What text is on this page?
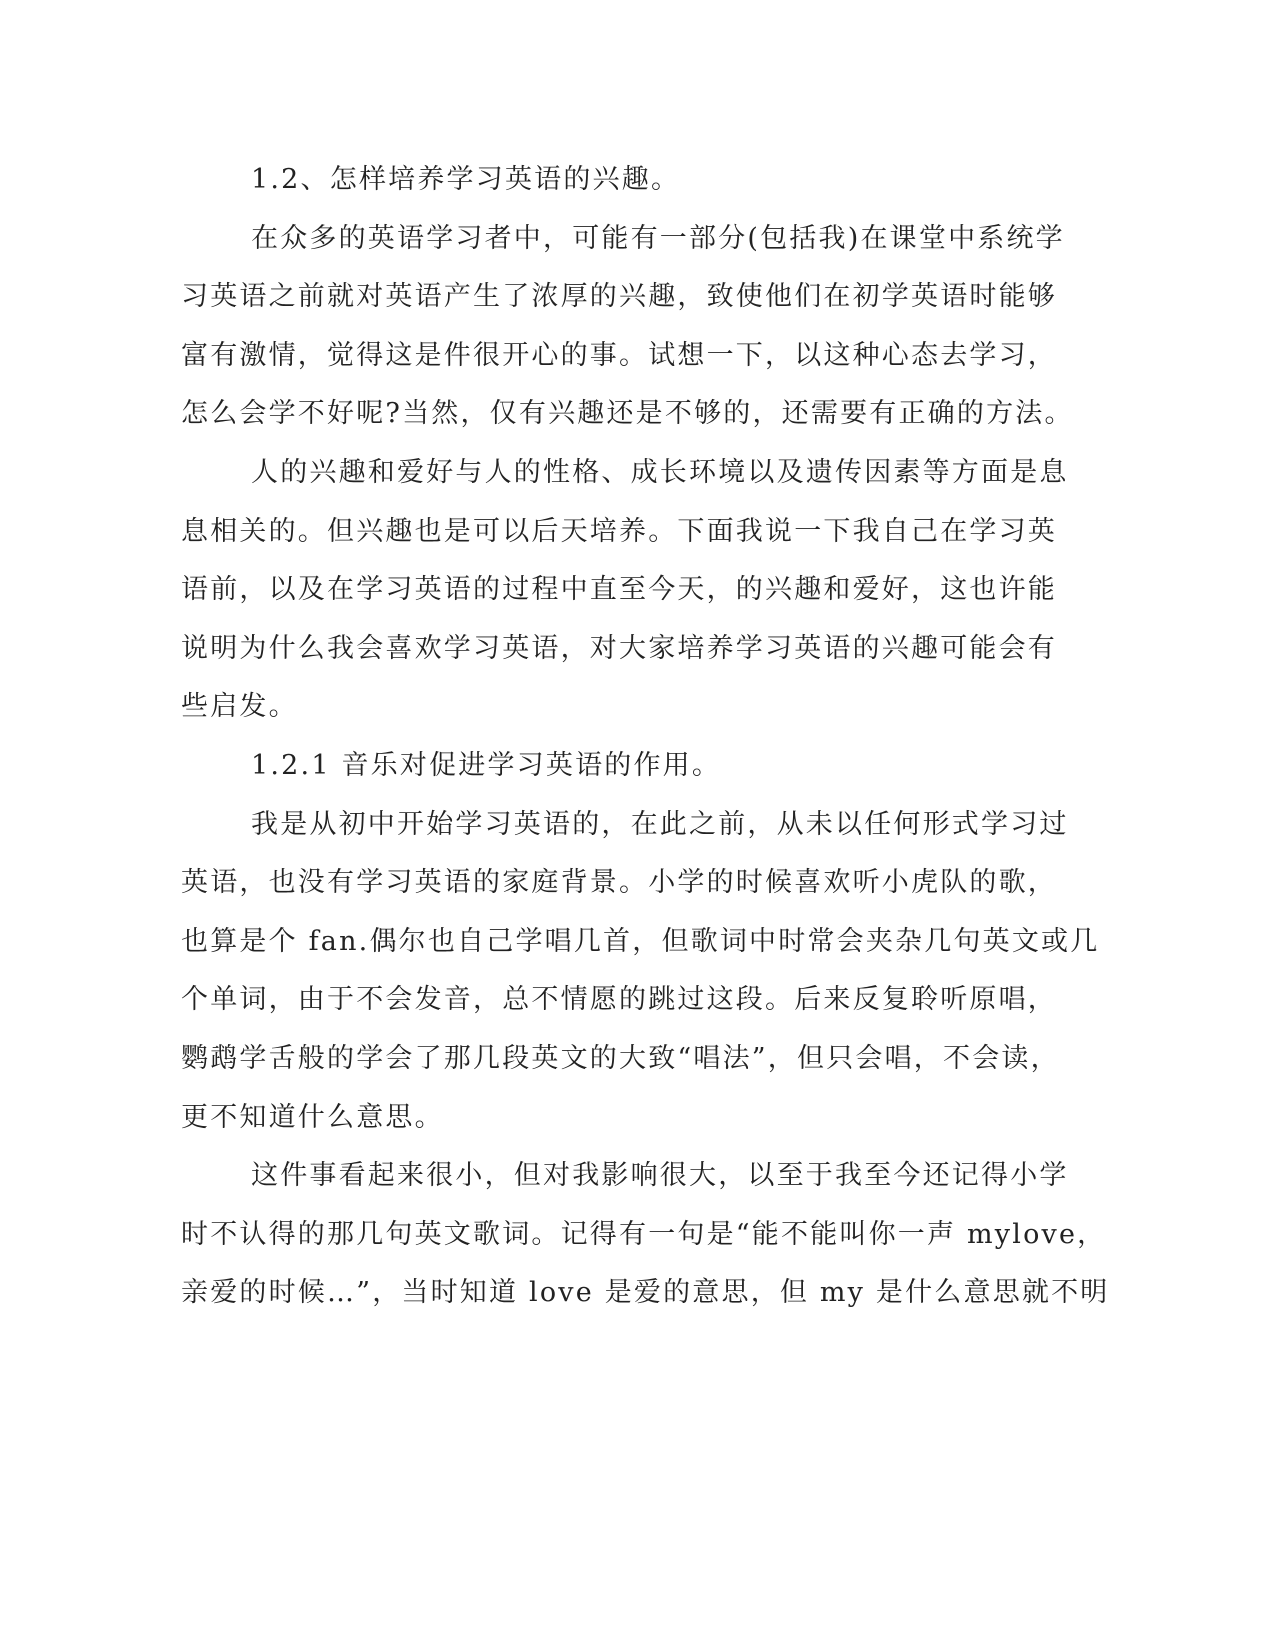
1.2、怎样培养学习英语的兴趣。
在众多的英语学习者中，可能有一部分(包括我)在课堂中系统学
习英语之前就对英语产生了浓厚的兴趣，致使他们在初学英语时能够
富有激情，觉得这是件很开心的事。试想一下，以这种心态去学习，
怎么会学不好呢?当然，仅有兴趣还是不够的，还需要有正确的方法。
人的兴趣和爱好与人的性格、成长环境以及遗传因素等方面是息
息相关的。但兴趣也是可以后天培养。下面我说一下我自己在学习英
语前，以及在学习英语的过程中直至今天，的兴趣和爱好，这也许能
说明为什么我会喜欢学习英语，对大家培养学习英语的兴趣可能会有
些启发。
1.2.1 音乐对促进学习英语的作用。
我是从初中开始学习英语的，在此之前，从未以任何形式学习过
英语，也没有学习英语的家庭背景。小学的时候喜欢听小虎队的歌，
也算是个 fan.偶尔也自己学唱几首，但歌词中时常会夹杂几句英文或几
个单词，由于不会发音，总不情愿的跳过这段。后来反复聆听原唱，
鹦鹉学舌般的学会了那几段英文的大致“唱法”，但只会唱，不会读，
更不知道什么意思。
这件事看起来很小，但对我影响很大，以至于我至今还记得小学
时不认得的那几句英文歌词。记得有一句是“能不能叫你一声 mylove，
亲爱的时候…”，当时知道 love 是爱的意思，但 my 是什么意思就不明
